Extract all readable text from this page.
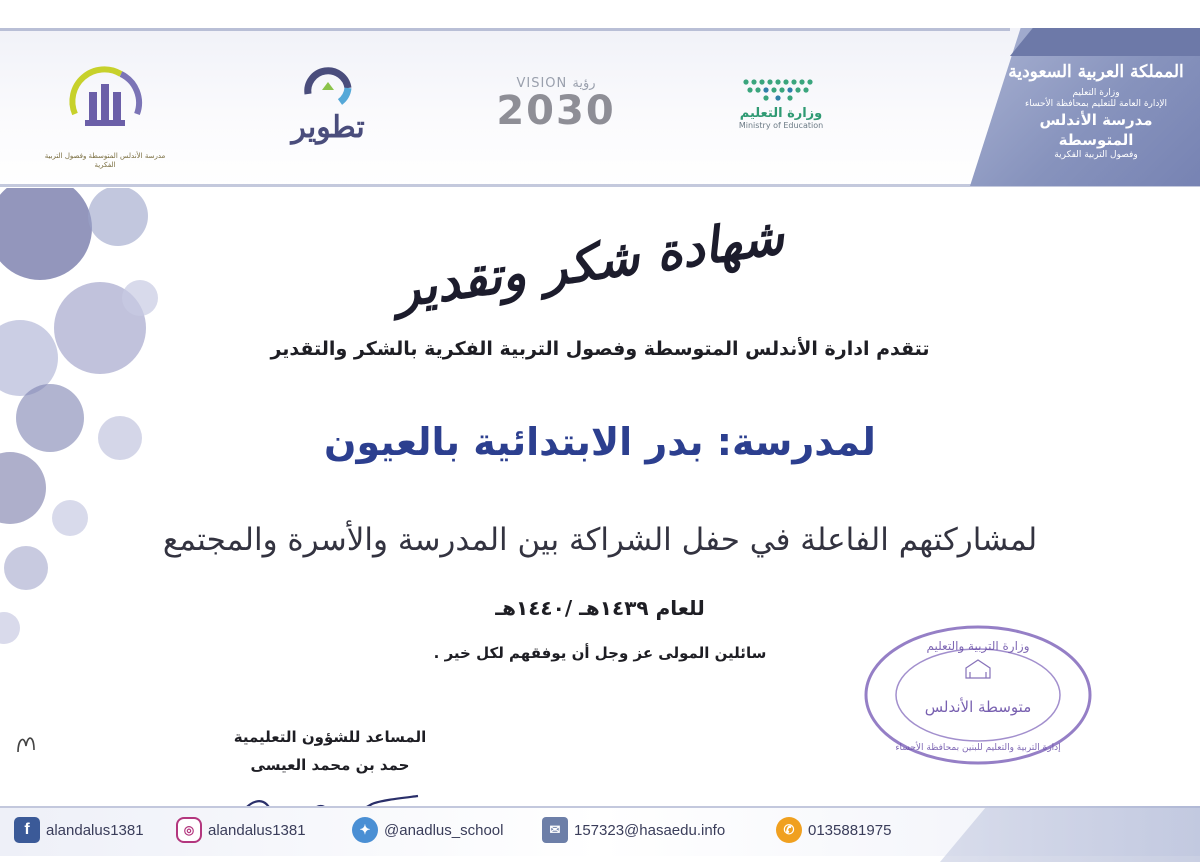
المملكة العربية السعودية
وزارة التعليم
الإدارة العامة للتعليم بمحافظة الأحساء
مدرسة الأندلس المتوسطة
وفصول التربية الفكرية
وزارة التعليم
Ministry of Education
VISION رؤية
2030
تطوير
مدرسة الأندلس المتوسطة وفصول التربية الفكرية
شهادة شكر وتقدير
تتقدم ادارة الأندلس المتوسطة وفصول التربية الفكرية بالشكر والتقدير
لمدرسة: بدر الابتدائية بالعيون
لمشاركتهم الفاعلة في حفل الشراكة بين المدرسة والأسرة والمجتمع
للعام ١٤٣٩هـ /١٤٤٠هـ
سائلين المولى عز وجل أن يوفقهم لكل خير .
المساعد للشؤون التعليمية
حمد بن محمد العيسى
وزارة التربية والتعليم
متوسطة الأندلس
إدارة التربية والتعليم للبنين بمحافظة الأحساء
f	alandalus1381	◎ alandalus1381	✦ @anadlus_school	✉ 157323@hasaedu.info	✆ 0135881975
